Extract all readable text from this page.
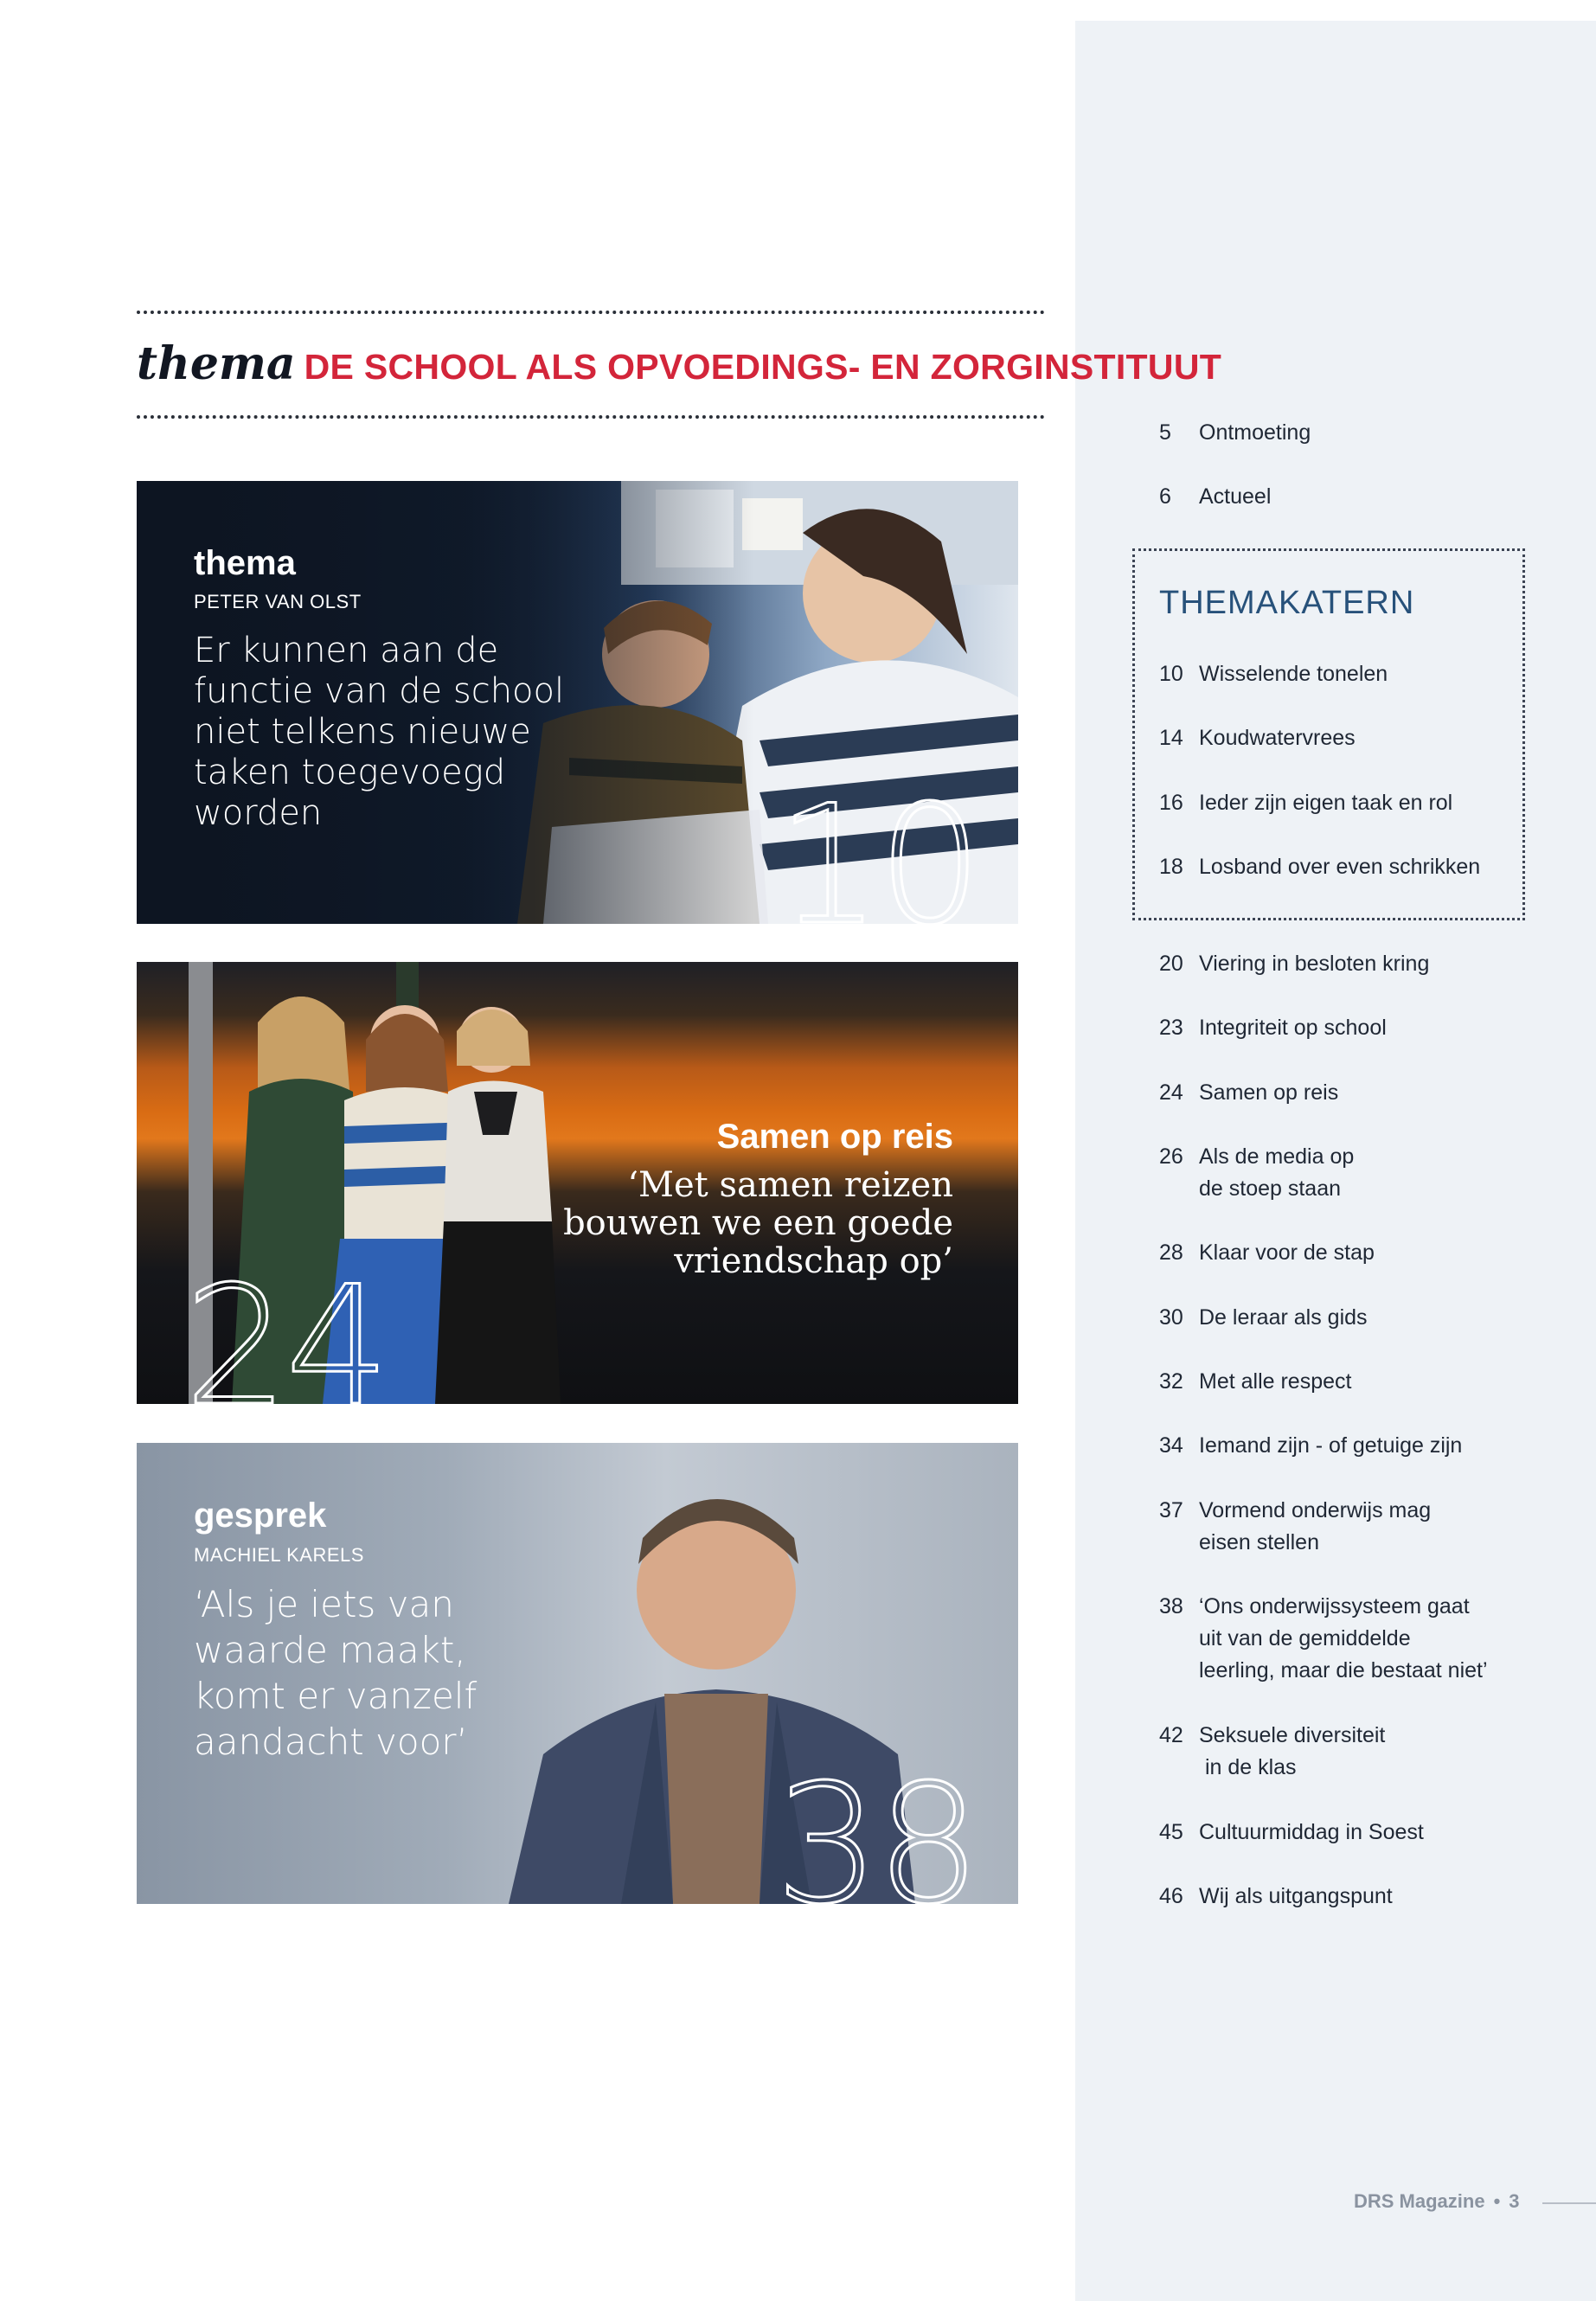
thema DE SCHOOL ALS OPVOEDINGS- EN ZORGINSTITUUT
thema
PETER VAN OLST
Er kunnen aan de functie van de school niet telkens nieuwe taken toegevoegd worden	10
Samen op reis
‘Met samen reizen
bouwen we een goede
vriendschap op’
24
gesprek
MACHIEL KARELS
‘Als je iets van waarde maakt, komt er vanzelf aandacht voor’
38
THEMAKATERN
5 Ontmoeting
6 Actueel
10 Wisselende tonelen
14 Koudwatervrees
16 Ieder zijn eigen taak en rol
18 Losband over even schrikken
20 Viering in besloten kring
23 Integriteit op school
24 Samen op reis
26 Als de media op
de stoep staan
28 Klaar voor de stap
30 De leraar als gids
32 Met alle respect
34 Iemand zijn - of getuige zijn
37 Vormend onderwijs mag
eisen stellen
38 ‘Ons onderwijssysteem gaat
uit van de gemiddelde
leerling, maar die bestaat niet’
42 Seksuele diversiteit
in de klas
45 Cultuurmiddag in Soest
46 Wij als uitgangspunt
DRS Magazine • 3
